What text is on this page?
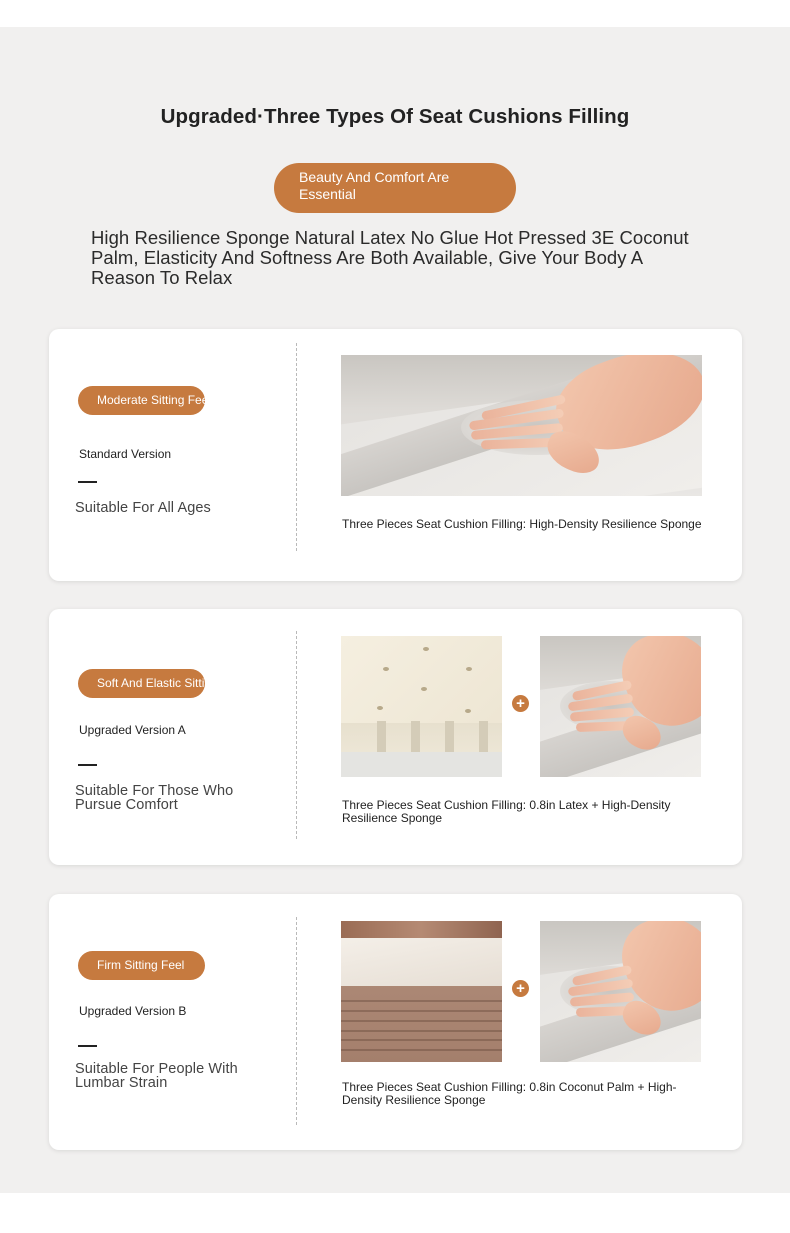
Upgraded·Three Types Of Seat Cushions Filling
Beauty And Comfort Are Essential

High Resilience Sponge Natural Latex No Glue Hot Pressed 3E Coconut Palm, Elasticity And Softness Are Both Available, Give Your Body A Reason To Relax

Moderate Sitting Feel
Standard Version
Suitable For All Ages
Three Pieces Seat Cushion Filling: High-Density Resilience Sponge
Soft And Elastic Sitting Feel
Upgraded Version A
Suitable For Those Who Pursue Comfort
+
Three Pieces Seat Cushion Filling: 0.8in Latex + High-Density Resilience Sponge
Firm Sitting Feel
Upgraded Version B
Suitable For People With Lumbar Strain
+
Three Pieces Seat Cushion Filling: 0.8in Coconut Palm + High-Density Resilience Sponge
